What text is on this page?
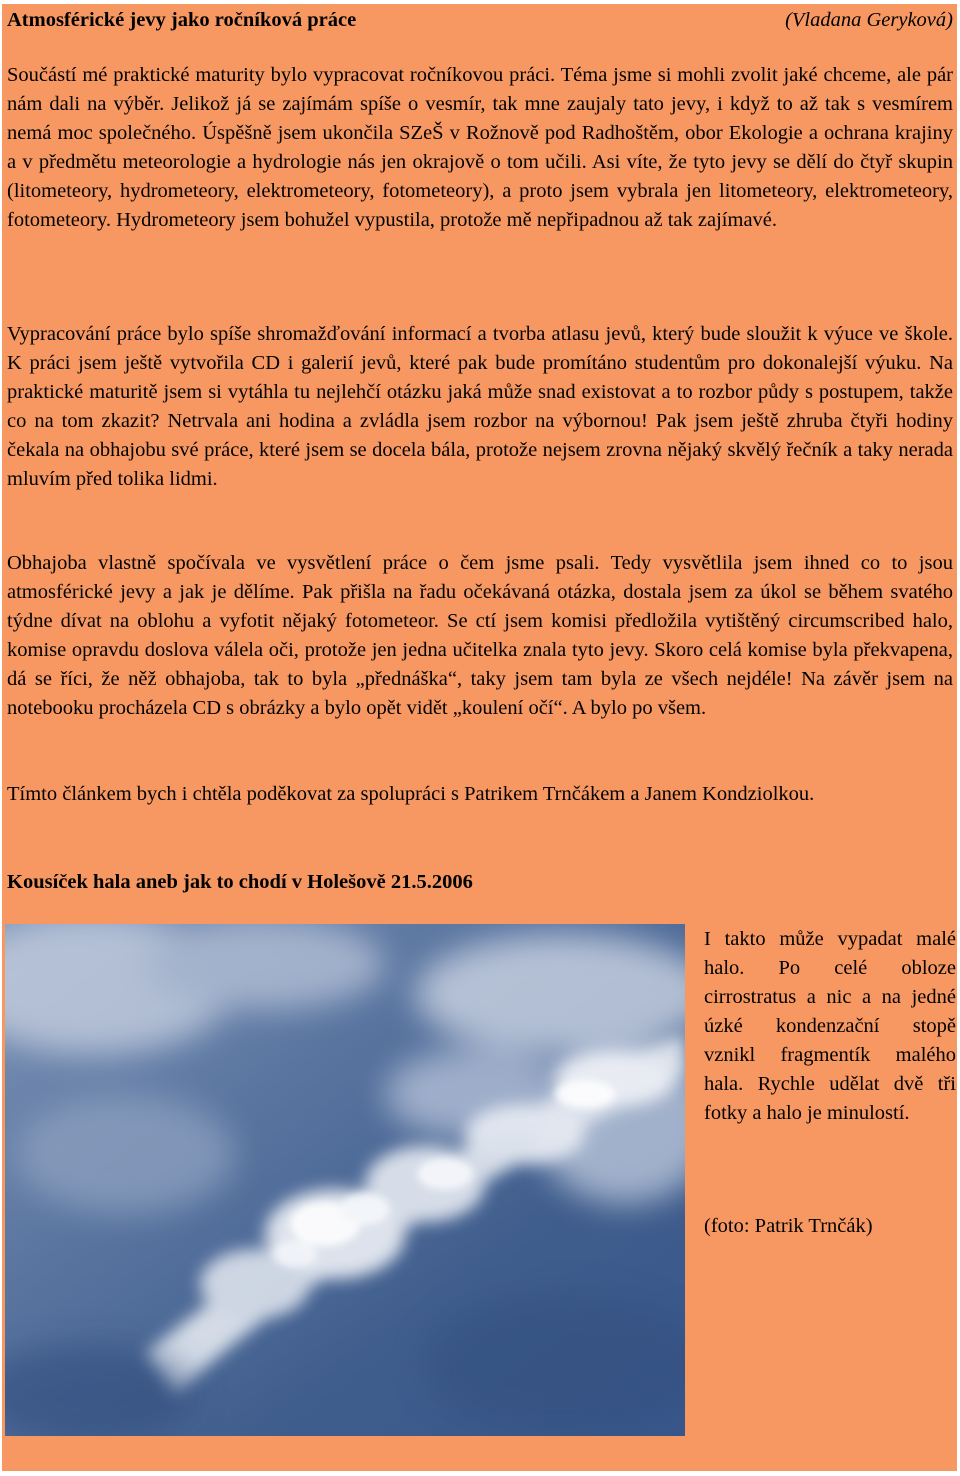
Atmosférické jevy jako ročníková práce	(Vladana Geryková)

Součástí mé praktické maturity bylo vypracovat ročníkovou práci. Téma jsme si mohli zvolit jaké chceme, ale pár nám dali na výběr. Jelikož já se zajímám spíše o vesmír, tak mne zaujaly tato jevy, i když to až tak s vesmírem nemá moc společného. Úspěšně jsem ukončila SZeŠ v Rožnově pod Radhoštěm, obor Ekologie a ochrana krajiny a v předmětu meteorologie a hydrologie nás jen okrajově o tom učili. Asi víte, že tyto jevy se dělí do čtyř skupin (litometeory, hydrometeory, elektrometeory, fotometeory), a proto jsem vybrala jen litometeory, elektrometeory, fotometeory. Hydrometeory jsem bohužel vypustila, protože mě nepřipadnou až tak zajímavé.

Vypracování práce bylo spíše shromažďování informací a tvorba atlasu jevů, který bude sloužit k výuce ve škole. K práci jsem ještě vytvořila CD i galerií jevů, které pak bude promítáno studentům pro dokonalejší výuku. Na praktické maturitě jsem si vytáhla tu nejlehčí otázku jaká může snad existovat a to rozbor půdy s postupem, takže co na tom zkazit? Netrvala ani hodina a zvládla jsem rozbor na výbornou! Pak jsem ještě zhruba čtyři hodiny čekala na obhajobu své práce, které jsem se docela bála, protože nejsem zrovna nějaký skvělý řečník a taky nerada mluvím před tolika lidmi.

Obhajoba vlastně spočívala ve vysvětlení práce o čem jsme psali. Tedy vysvětlila jsem ihned co to jsou atmosférické jevy a jak je dělíme. Pak přišla na řadu očekávaná otázka, dostala jsem za úkol se během svatého týdne dívat na oblohu a vyfotit nějaký fotometeor. Se ctí jsem komisi předložila vytištěný circumscribed halo, komise opravdu doslova válela oči, protože jen jedna učitelka znala tyto jevy. Skoro celá komise byla překvapena, dá se říci, že něž obhajoba, tak to byla „přednáška“, taky jsem tam byla ze všech nejdéle! Na závěr jsem na notebooku procházela CD s obrázky a bylo opět vidět „koulení očí“. A bylo po všem.

Tímto článkem bych i chtěla poděkovat za spolupráci s Patrikem Trnčákem a Janem Kondziolkou.

Kousíček hala aneb jak to chodí v Holešově 21.5.2006

I takto může vypadat malé halo. Po celé obloze cirrostratus a nic a na jedné úzké kondenzační stopě vznikl fragmentík malého hala. Rychle udělat dvě tři fotky a halo je minulostí.

(foto: Patrik Trnčák)
